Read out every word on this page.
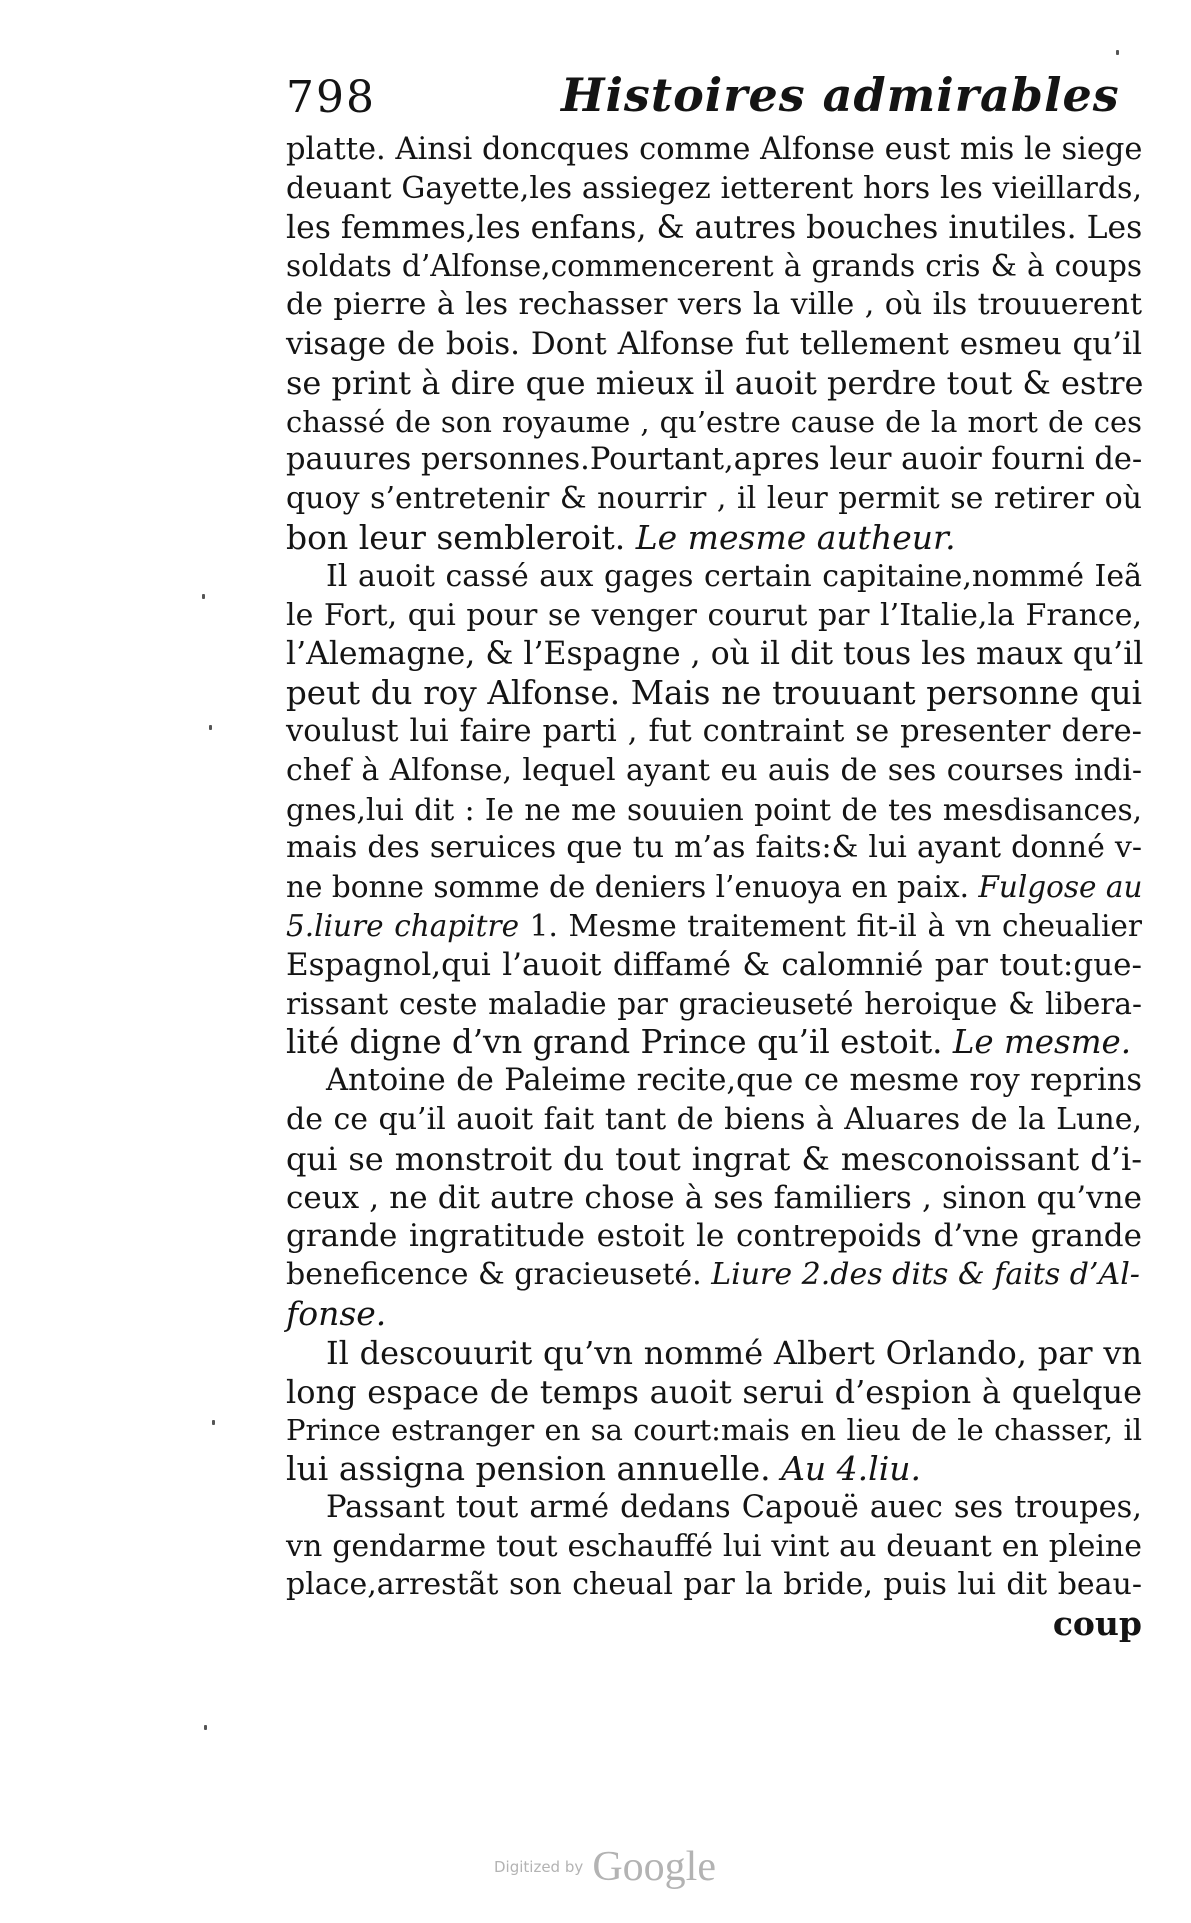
798	Histoires admirables
platte. Ainsi doncques comme Alfonse eust mis le siege
deuant Gayette,les assiegez ietterent hors les vieillards,
les femmes,les enfans, & autres bouches inutiles. Les
soldats d’Alfonse,commencerent à grands cris & à coups
de pierre à les rechasser vers la ville , où ils trouuerent
visage de bois. Dont Alfonse fut tellement esmeu qu’il
se print à dire que mieux il auoit perdre tout & estre
chassé de son royaume , qu’estre cause de la mort de ces
pauures personnes.Pourtant,apres leur auoir fourni de-
quoy s’entretenir & nourrir , il leur permit se retirer où
bon leur sembleroit. Le mesme autheur.
Il auoit cassé aux gages certain capitaine,nommé Ieã
le Fort, qui pour se venger courut par l’Italie,la France,
l’Alemagne, & l’Espagne , où il dit tous les maux qu’il
peut du roy Alfonse. Mais ne trouuant personne qui
voulust lui faire parti , fut contraint se presenter dere-
chef à Alfonse, lequel ayant eu auis de ses courses indi-
gnes,lui dit : Ie ne me souuien point de tes mesdisances,
mais des seruices que tu m’as faits:& lui ayant donné v-
ne bonne somme de deniers l’enuoya en paix. Fulgose au
5.liure chapitre 1. Mesme traitement fit-il à vn cheualier
Espagnol,qui l’auoit diffamé & calomnié par tout:gue-
rissant ceste maladie par gracieuseté heroique & libera-
lité digne d’vn grand Prince qu’il estoit. Le mesme.
Antoine de Paleime recite,que ce mesme roy reprins
de ce qu’il auoit fait tant de biens à Aluares de la Lune,
qui se monstroit du tout ingrat & mesconoissant d’i-
ceux , ne dit autre chose à ses familiers , sinon qu’vne
grande ingratitude estoit le contrepoids d’vne grande
beneficence & gracieuseté. Liure 2.des dits & faits d’Al-
fonse.
Il descouurit qu’vn nommé Albert Orlando, par vn
long espace de temps auoit serui d’espion à quelque
Prince estranger en sa court:mais en lieu de le chasser, il
lui assigna pension annuelle. Au 4.liu.
Passant tout armé dedans Capouë auec ses troupes,
vn gendarme tout eschauffé lui vint au deuant en pleine
place,arrestãt son cheual par la bride, puis lui dit beau-
coup
Digitized by Google
